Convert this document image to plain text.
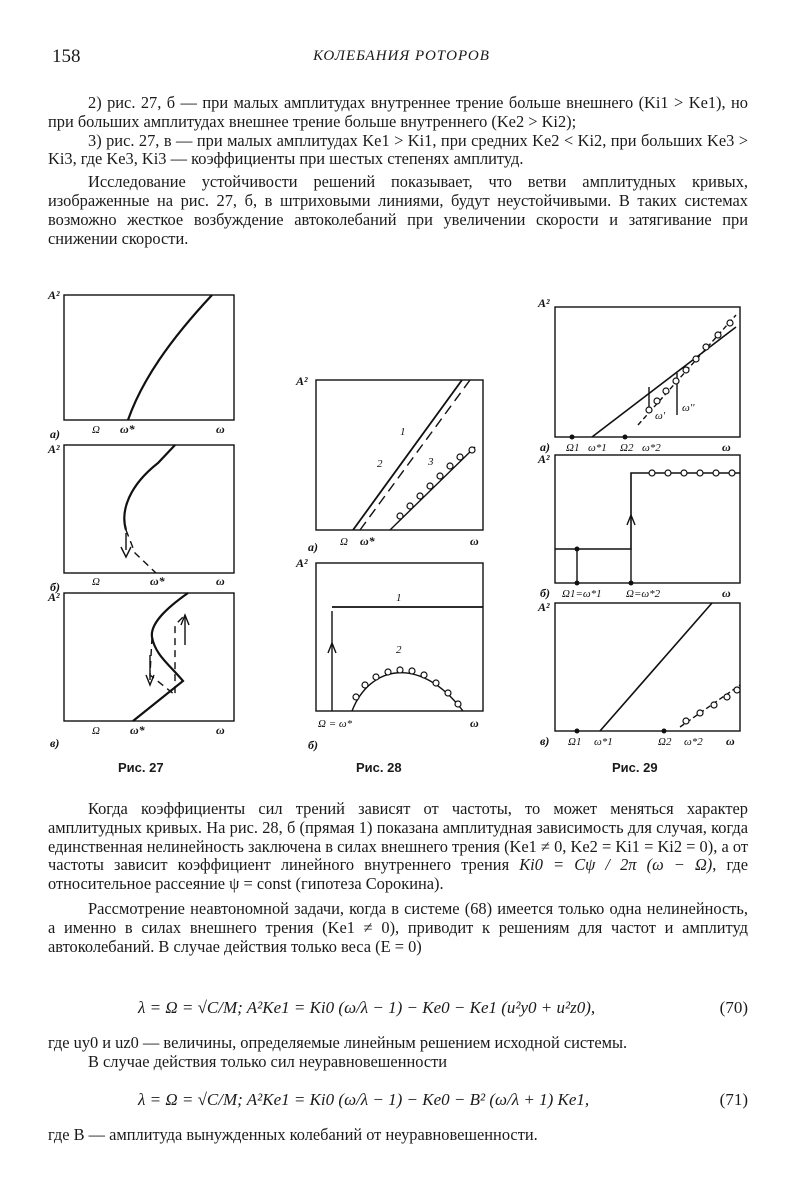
158	КОЛЕБАНИЯ РОТОРОВ

2) рис. 27, б — при малых амплитудах внутреннее трение больше внешнего (Ki1 > Ke1), но при больших амплитудах внешнее трение больше внутреннего (Ke2 > Ki2);

3) рис. 27, в — при малых амплитудах Ke1 > Ki1, при средних Ke2 < Ki2, при больших Ke3 > Ki3, где Ke3, Ki3 — коэффициенты при шестых степенях амплитуд.

Исследование устойчивости решений показывает, что ветви амплитудных кривых, изображенные на рис. 27, б, в штриховыми линиями, будут неустойчивыми. В таких системах возможно жесткое возбуждение автоколебаний при увеличении скорости и затягивание при снижении скорости.

A²
Ω ω*	ω
а)
A²
Ω	ω*	ω
б)
A²
Ω	ω*	ω
в)
A²
Ω ω*	ω
а)
1
2	3
A²
Ω = ω*	ω
б)
1
2
A²
Ω1 ω*1 Ω2 ω*2	ω
а)
ω'
ω''
A²
Ω1=ω*1 Ω=ω*2	ω
б)
A²
Ω1 ω*1	Ω2 ω*2 ω
в)
Рис. 27	Рис. 28	Рис. 29

Когда коэффициенты сил трений зависят от частоты, то может меняться характер амплитудных кривых. На рис. 28, б (прямая 1) показана амплитудная зависимость для случая, когда единственная нелинейность заключена в силах внешнего трения (Ke1 ≠ 0, Ke2 = Ki1 = Ki2 = 0), а от частоты зависит коэффициент линейного внутреннего трения Ki0 = Cψ / 2π (ω − Ω), где относительное рассеяние ψ = const (гипотеза Сорокина).

Рассмотрение неавтономной задачи, когда в системе (68) имеется только одна нелинейность, а именно в силах внешнего трения (Ke1 ≠ 0), приводит к решениям для частот и амплитуд автоколебаний. В случае действия только веса (E = 0)

λ = Ω = √C/M; A²Ke1 = Ki0 (ω/λ − 1) − Ke0 − Ke1 (u²y0 + u²z0),	(70)

где uy0 и uz0 — величины, определяемые линейным решением исходной системы.

В случае действия только сил неуравновешенности

λ = Ω = √C/M; A²Ke1 = Ki0 (ω/λ − 1) − Ke0 − B² (ω/λ + 1) Ke1,	(71)

где B — амплитуда вынужденных колебаний от неуравновешенности.
